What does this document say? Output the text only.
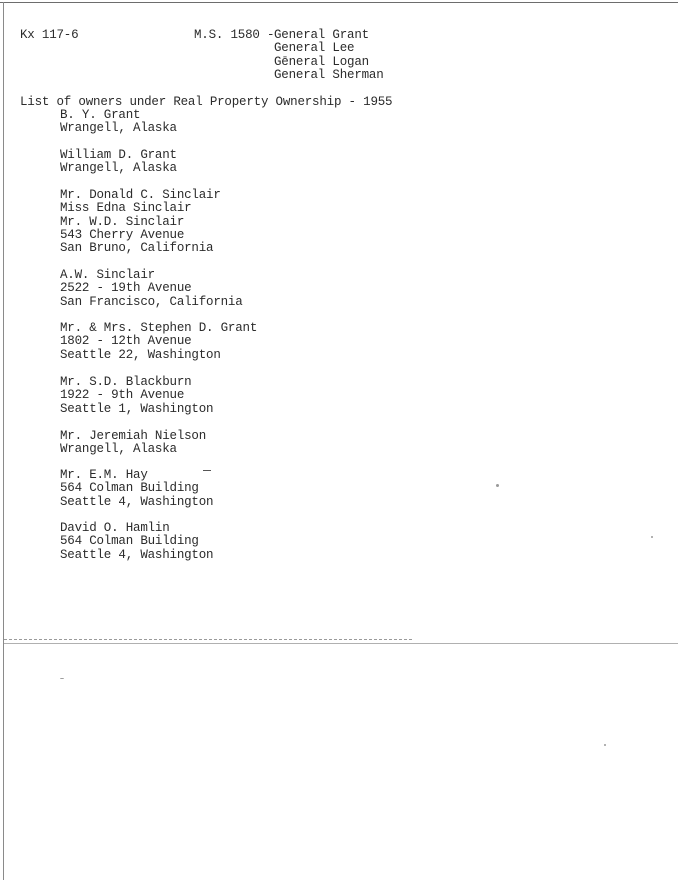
Kx 117-6	M.S. 1580 - General Grant
General Lee
Gēneral Logan
General Sherman
List of owners under Real Property Ownership - 1955
B. Y. Grant
Wrangell, Alaska
William D. Grant
Wrangell, Alaska
Mr. Donald C. Sinclair
Miss Edna Sinclair
Mr. W.D. Sinclair
543 Cherry Avenue
San Bruno, California
A.W. Sinclair
2522 - 19th Avenue
San Francisco, California
Mr. & Mrs. Stephen D. Grant
1802 - 12th Avenue
Seattle 22, Washington
Mr. S.D. Blackburn
1922 - 9th Avenue
Seattle 1, Washington
Mr. Jeremiah Nielson
Wrangell, Alaska
Mr. E.M. Hay
564 Colman Building
Seattle 4, Washington
David O. Hamlin
564 Colman Building
Seattle 4, Washington
